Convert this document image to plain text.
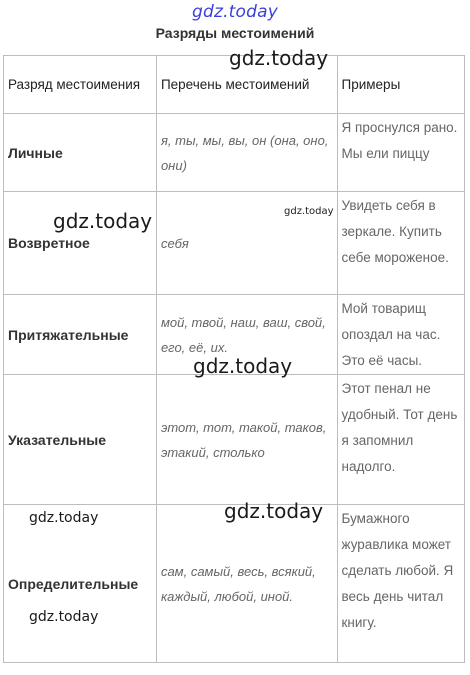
gdz.today
Разряды местоимений
Разряд местоимения	Перечень местоимений	Примеры
Личные	я, ты, мы, вы, он (она, оно, они)	Я проснулся рано. Мы ели пиццу
Возвретное	себя	Увидеть себя в зеркале. Купить себе мороженое.
Притяжательные	мой, твой, наш, ваш, свой, его, её, их.	Мой товарищ опоздал на час. Это её часы.
Указательные	этот, тот, такой, таков, этакий, столько	Этот пенал не удобный. Тот день я запомнил надолго.
Определительные	сам, самый, весь, всякий, каждый, любой, иной.	Бумажного журавлика может сделать любой. Я весь день читал книгу.
gdz.today
gdz.today	gdz.today
gdz.today
gdz.today
gdz.today
gdz.today
